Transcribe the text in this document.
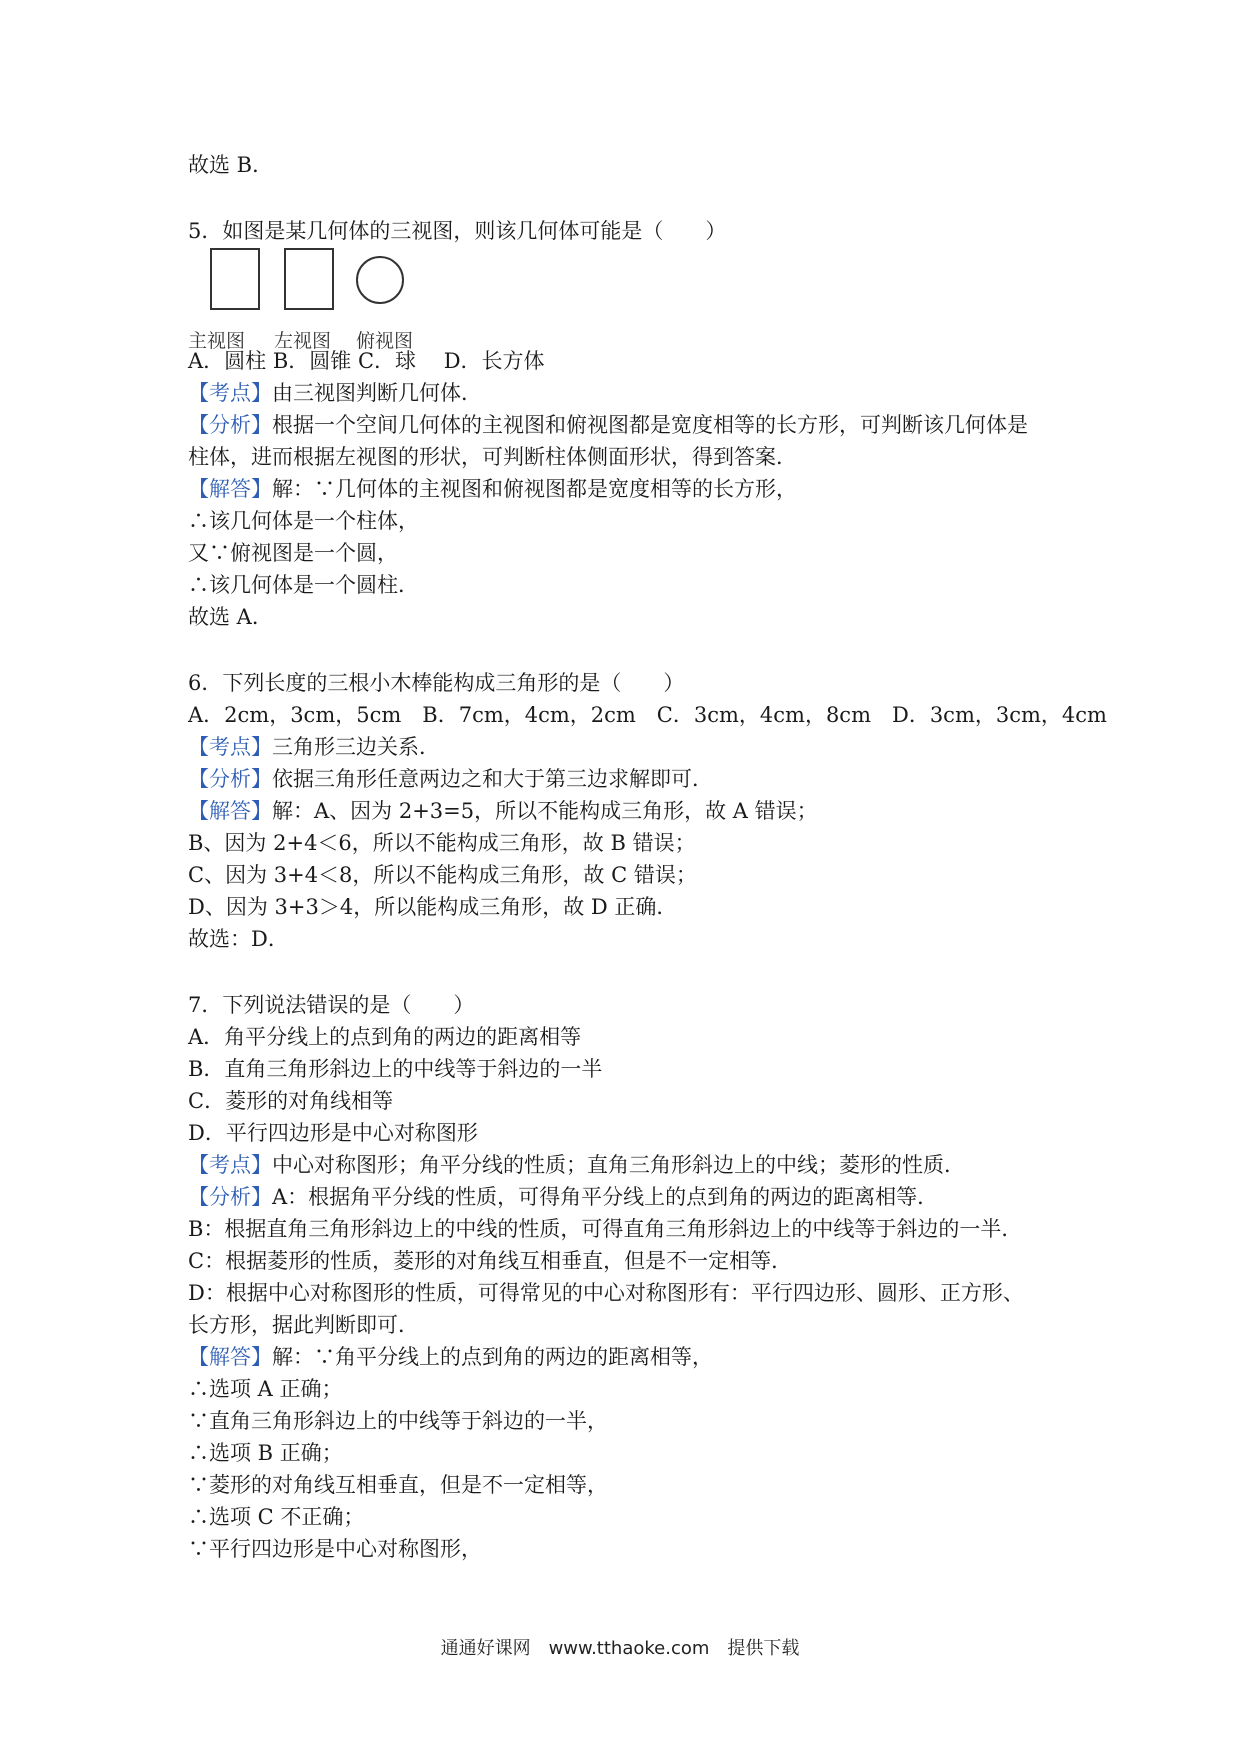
故选 B．
5．如图是某几何体的三视图，则该几何体可能是（　　）
主视图 左视图 俯视图
A．圆柱 B．圆锥 C．球　 D．长方体
【考点】由三视图判断几何体．
【分析】根据一个空间几何体的主视图和俯视图都是宽度相等的长方形，可判断该几何体是
柱体，进而根据左视图的形状，可判断柱体侧面形状，得到答案．
【解答】解：∵几何体的主视图和俯视图都是宽度相等的长方形，
∴该几何体是一个柱体，
又∵俯视图是一个圆，
∴该几何体是一个圆柱．
故选 A．
6．下列长度的三根小木棒能构成三角形的是（　　）
A．2cm，3cm，5cm　B．7cm，4cm，2cm　C．3cm，4cm，8cm　D．3cm，3cm，4cm
【考点】三角形三边关系．
【分析】依据三角形任意两边之和大于第三边求解即可．
【解答】解：A、因为 2+3=5，所以不能构成三角形，故 A 错误；
B、因为 2+4＜6，所以不能构成三角形，故 B 错误；
C、因为 3+4＜8，所以不能构成三角形，故 C 错误；
D、因为 3+3＞4，所以能构成三角形，故 D 正确．
故选：D．
7．下列说法错误的是（　　）
A．角平分线上的点到角的两边的距离相等
B．直角三角形斜边上的中线等于斜边的一半
C．菱形的对角线相等
D．平行四边形是中心对称图形
【考点】中心对称图形；角平分线的性质；直角三角形斜边上的中线；菱形的性质．
【分析】A：根据角平分线的性质，可得角平分线上的点到角的两边的距离相等．
B：根据直角三角形斜边上的中线的性质，可得直角三角形斜边上的中线等于斜边的一半．
C：根据菱形的性质，菱形的对角线互相垂直，但是不一定相等．
D：根据中心对称图形的性质，可得常见的中心对称图形有：平行四边形、圆形、正方形、
长方形，据此判断即可．
【解答】解：∵角平分线上的点到角的两边的距离相等，
∴选项 A 正确；
∵直角三角形斜边上的中线等于斜边的一半，
∴选项 B 正确；
∵菱形的对角线互相垂直，但是不一定相等，
∴选项 C 不正确；
∵平行四边形是中心对称图形，
通通好课网　www.tthaoke.com　提供下载
